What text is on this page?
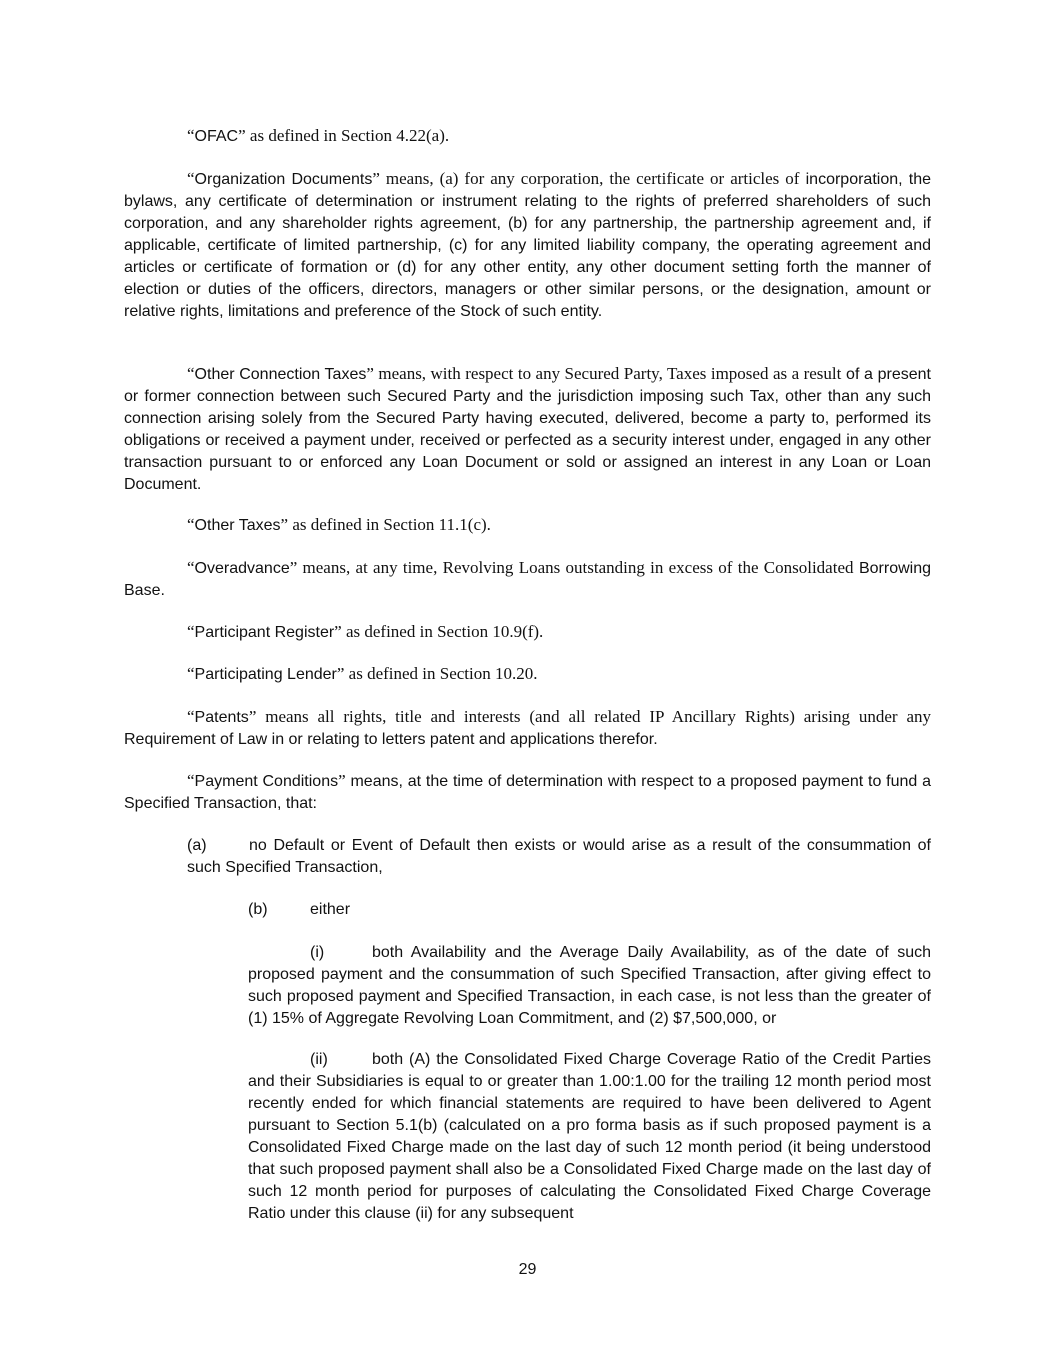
“OFAC” as defined in Section 4.22(a).

“Organization Documents” means, (a) for any corporation, the certificate or articles of incorporation, the bylaws, any certificate of determination or instrument relating to the rights of preferred shareholders of such corporation, and any shareholder rights agreement, (b) for any partnership, the partnership agreement and, if applicable, certificate of limited partnership, (c) for any limited liability company, the operating agreement and articles or certificate of formation or (d) for any other entity, any other document setting forth the manner of election or duties of the officers, directors, managers or other similar persons, or the designation, amount or relative rights, limitations and preference of the Stock of such entity.

“Other Connection Taxes” means, with respect to any Secured Party, Taxes imposed as a result of a present or former connection between such Secured Party and the jurisdiction imposing such Tax, other than any such connection arising solely from the Secured Party having executed, delivered, become a party to, performed its obligations or received a payment under, received or perfected as a security interest under, engaged in any other transaction pursuant to or enforced any Loan Document or sold or assigned an interest in any Loan or Loan Document.

“Other Taxes” as defined in Section 11.1(c).

“Overadvance” means, at any time, Revolving Loans outstanding in excess of the Consolidated Borrowing Base.

“Participant Register” as defined in Section 10.9(f).

“Participating Lender” as defined in Section 10.20.

“Patents” means all rights, title and interests (and all related IP Ancillary Rights) arising under any Requirement of Law in or relating to letters patent and applications therefor.

“Payment Conditions” means, at the time of determination with respect to a proposed payment to fund a Specified Transaction, that:

(a)	no Default or Event of Default then exists or would arise as a result of the consummation of such Specified Transaction,

(b)	either

(i)	both Availability and the Average Daily Availability, as of the date of such proposed payment and the consummation of such Specified Transaction, after giving effect to such proposed payment and Specified Transaction, in each case, is not less than the greater of (1) 15% of Aggregate Revolving Loan Commitment, and (2) $7,500,000, or

(ii)	both (A) the Consolidated Fixed Charge Coverage Ratio of the Credit Parties and their Subsidiaries is equal to or greater than 1.00:1.00 for the trailing 12 month period most recently ended for which financial statements are required to have been delivered to Agent pursuant to Section 5.1(b) (calculated on a pro forma basis as if such proposed payment is a Consolidated Fixed Charge made on the last day of such 12 month period (it being understood that such proposed payment shall also be a Consolidated Fixed Charge made on the last day of such 12 month period for purposes of calculating the Consolidated Fixed Charge Coverage Ratio under this clause (ii) for any subsequent

29
